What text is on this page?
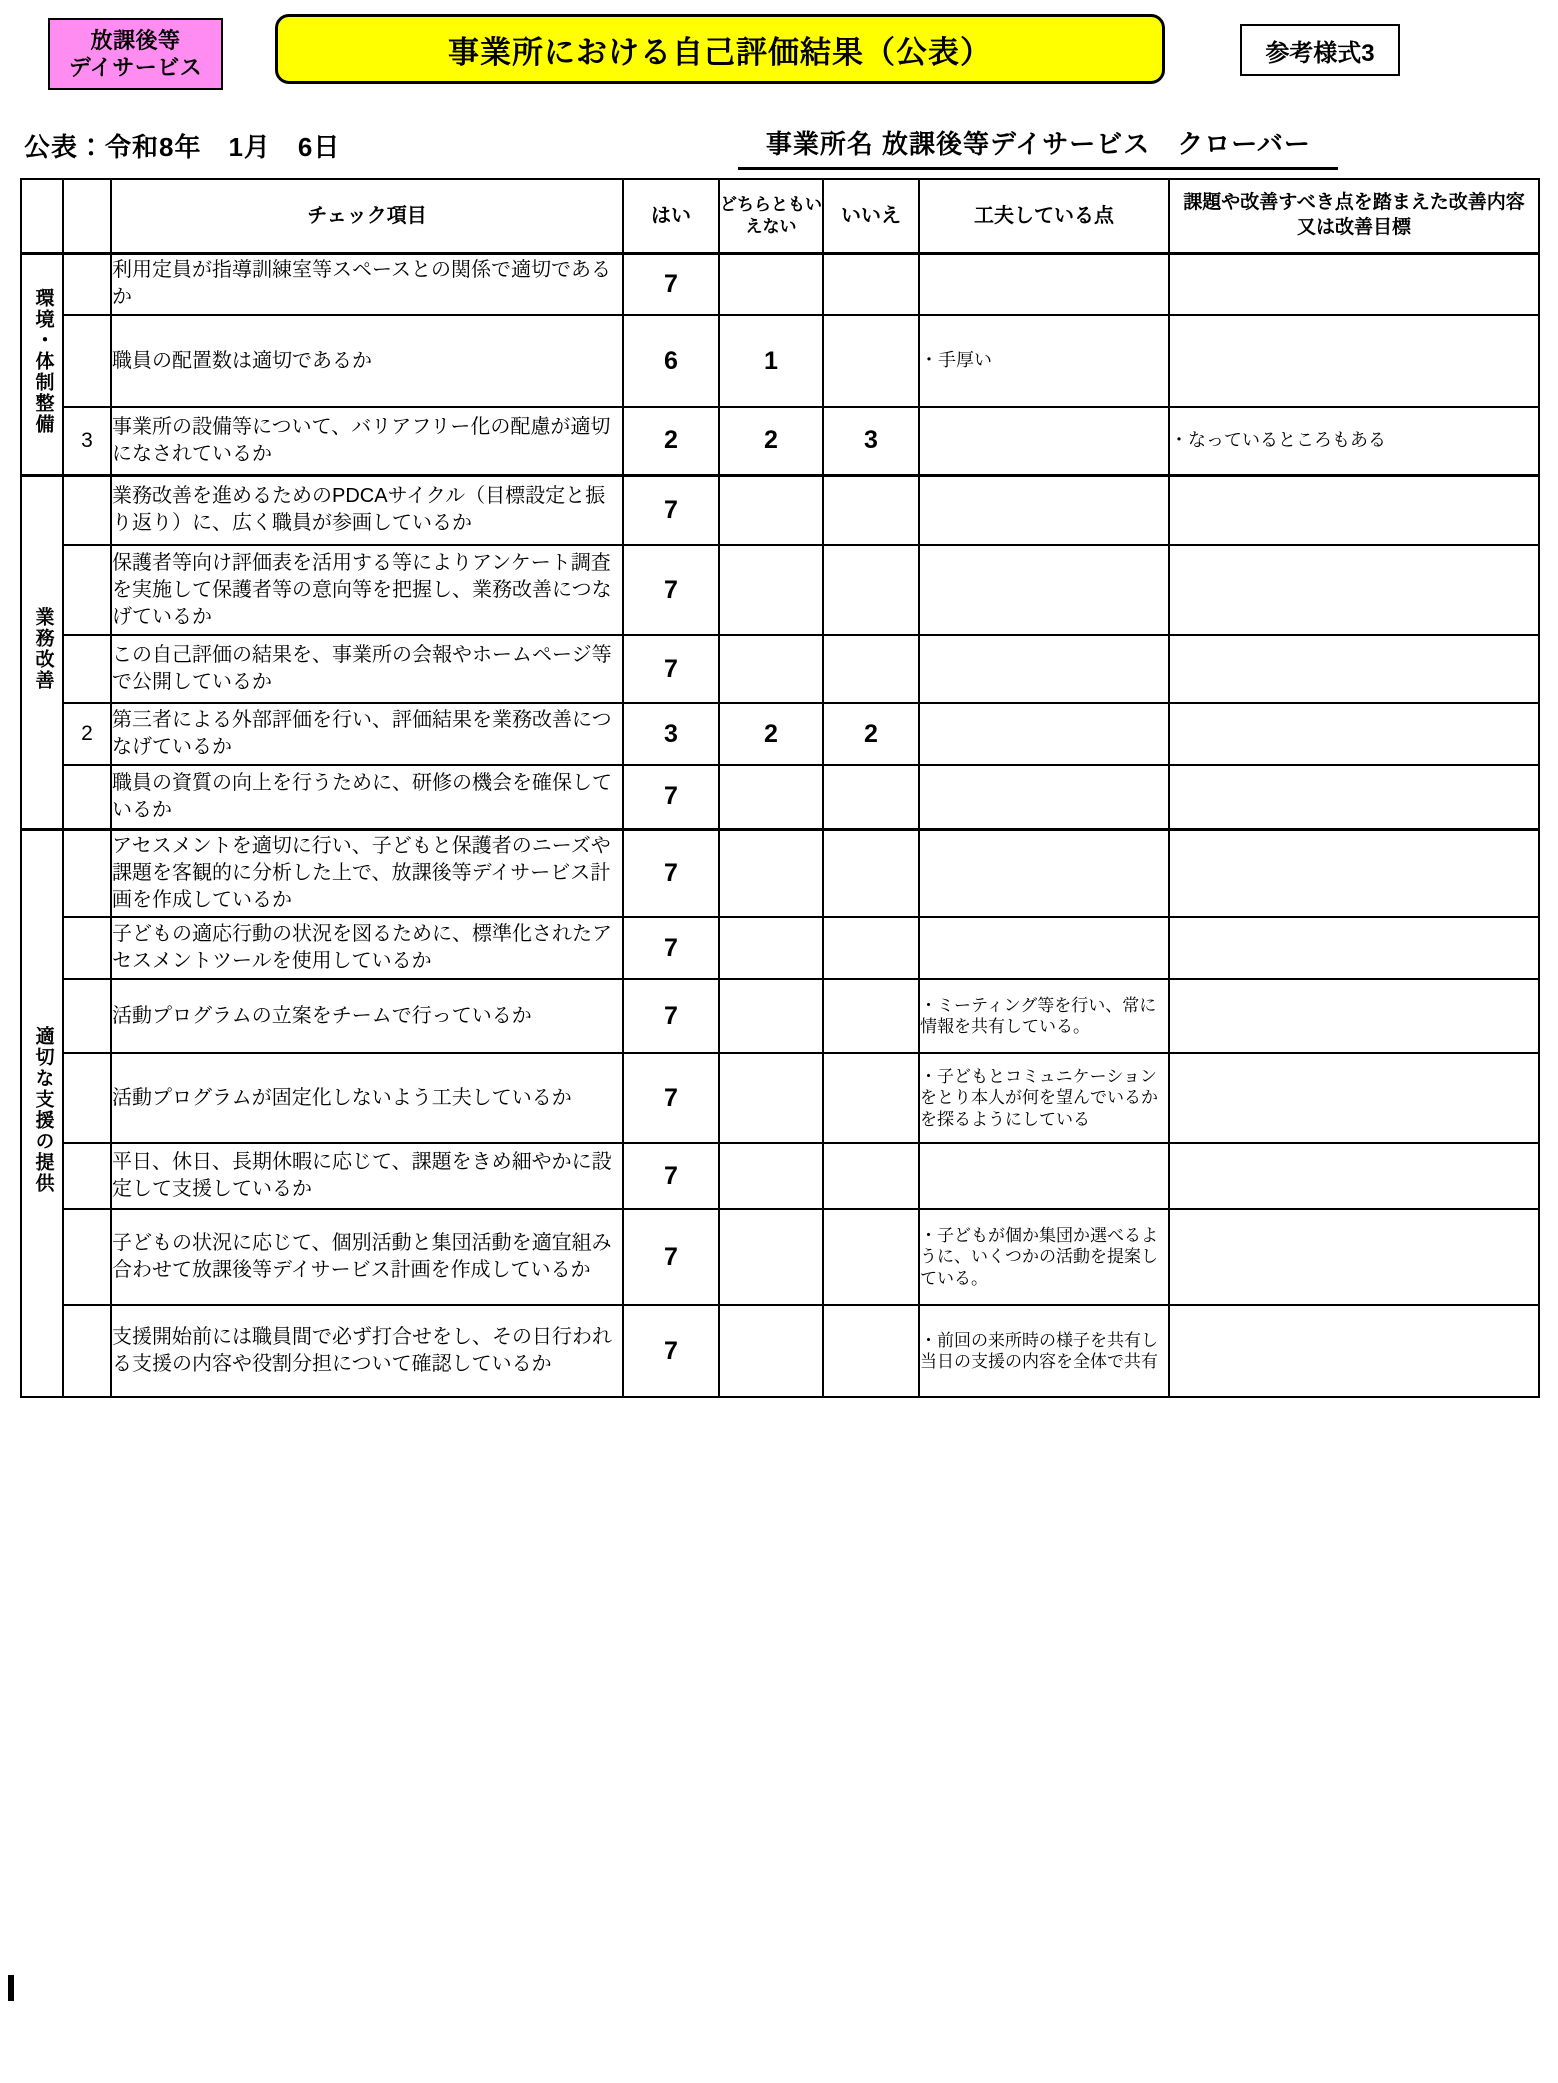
放課後等
デイサービス	事業所における自己評価結果（公表）	参考様式3
公表：令和8年　1月　6日	事業所名 放課後等デイサービス　クローバー
		チェック項目	はい	どちらともいえない	いいえ	工夫している点	課題や改善すべき点を踏まえた改善内容又は改善目標
環境・体制整備		利用定員が指導訓練室等スペースとの関係で適切であるか	7				
		職員の配置数は適切であるか	6	1		・手厚い	
	3	事業所の設備等について、バリアフリー化の配慮が適切になされているか	2	2	3		・なっているところもある
業務改善		業務改善を進めるためのPDCAサイクル（目標設定と振り返り）に、広く職員が参画しているか	7				
		保護者等向け評価表を活用する等によりアンケート調査を実施して保護者等の意向等を把握し、業務改善につなげているか	7				
		この自己評価の結果を、事業所の会報やホームページ等で公開しているか	7				
	2	第三者による外部評価を行い、評価結果を業務改善につなげているか	3	2	2		
		職員の資質の向上を行うために、研修の機会を確保しているか	7				
適切な支援の提供		アセスメントを適切に行い、子どもと保護者のニーズや課題を客観的に分析した上で、放課後等デイサービス計画を作成しているか	7				
		子どもの適応行動の状況を図るために、標準化されたアセスメントツールを使用しているか	7				
		活動プログラムの立案をチームで行っているか	7			・ミーティング等を行い、常に情報を共有している。	
		活動プログラムが固定化しないよう工夫しているか	7			・子どもとコミュニケーションをとり本人が何を望んでいるかを探るようにしている	
		平日、休日、長期休暇に応じて、課題をきめ細やかに設定して支援しているか	7				
		子どもの状況に応じて、個別活動と集団活動を適宜組み合わせて放課後等デイサービス計画を作成しているか	7			・子どもが個か集団か選べるように、いくつかの活動を提案している。	
		支援開始前には職員間で必ず打合せをし、その日行われる支援の内容や役割分担について確認しているか	7			・前回の来所時の様子を共有し当日の支援の内容を全体で共有	
